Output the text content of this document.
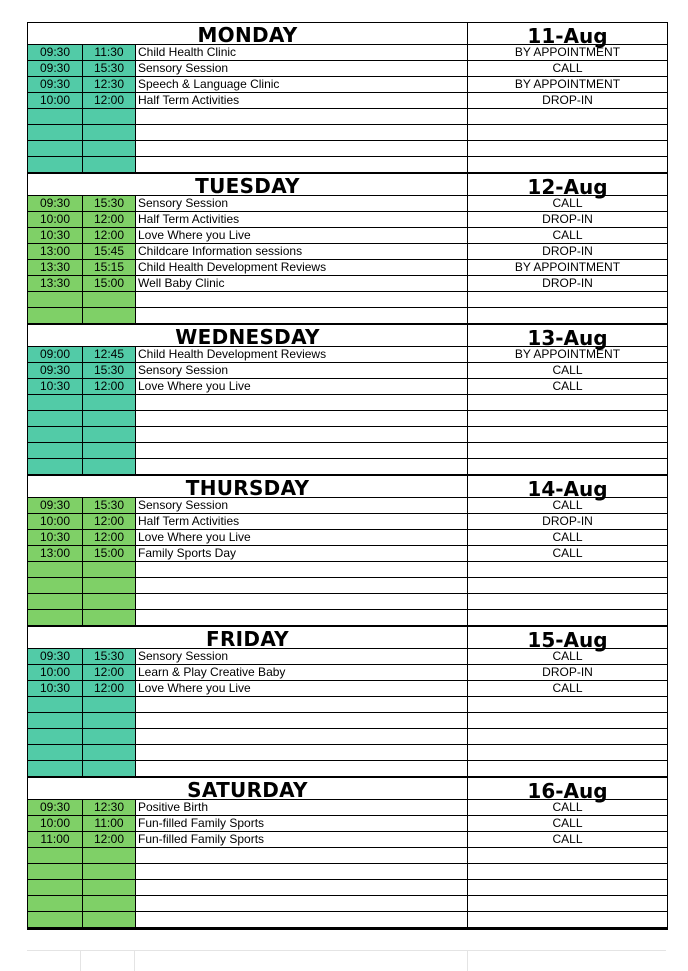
MONDAY	11-Aug
09:30	11:30	Child Health Clinic	BY APPOINTMENT
09:30	15:30	Sensory Session	CALL
09:30	12:30	Speech & Language Clinic	BY APPOINTMENT
10:00	12:00	Half Term Activities	DROP-IN
TUESDAY	12-Aug
09:30	15:30	Sensory Session	CALL
10:00	12:00	Half Term Activities	DROP-IN
10:30	12:00	Love Where you Live	CALL
13:00	15:45	Childcare Information sessions	DROP-IN
13:30	15:15	Child Health Development Reviews	BY APPOINTMENT
13:30	15:00	Well Baby Clinic	DROP-IN
WEDNESDAY	13-Aug
09:00	12:45	Child Health Development Reviews	BY APPOINTMENT
09:30	15:30	Sensory Session	CALL
10:30	12:00	Love Where you Live	CALL
THURSDAY	14-Aug
09:30	15:30	Sensory Session	CALL
10:00	12:00	Half Term Activities	DROP-IN
10:30	12:00	Love Where you Live	CALL
13:00	15:00	Family Sports Day	CALL
FRIDAY	15-Aug
09:30	15:30	Sensory Session	CALL
10:00	12:00	Learn & Play Creative Baby	DROP-IN
10:30	12:00	Love Where you Live	CALL
SATURDAY	16-Aug
09:30	12:30	Positive Birth	CALL
10:00	11:00	Fun-filled Family Sports	CALL
11:00	12:00	Fun-filled Family Sports	CALL
